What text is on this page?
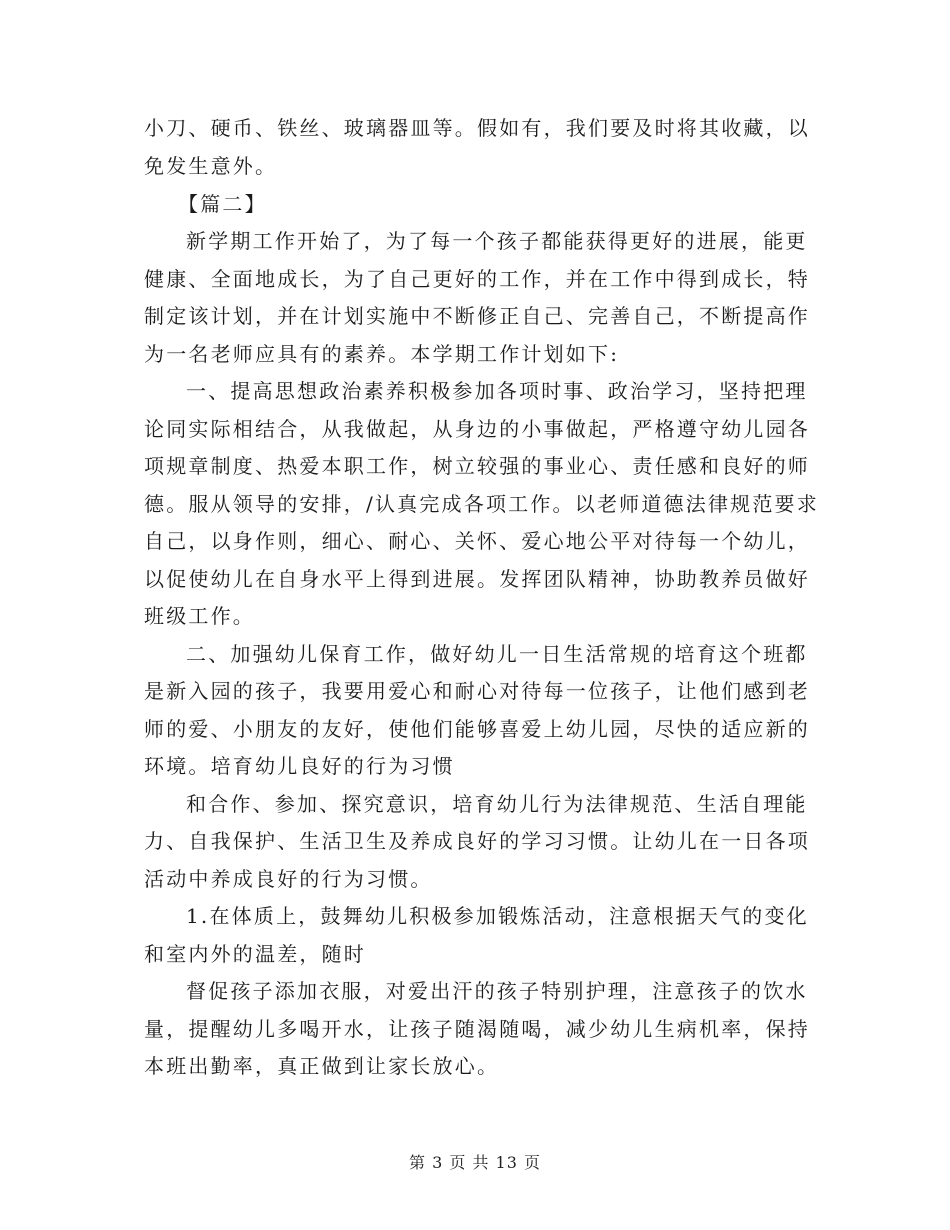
小刀、硬币、铁丝、玻璃器皿等。假如有，我们要及时将其收藏，以
免发生意外。
【篇二】
新学期工作开始了，为了每一个孩子都能获得更好的进展，能更
健康、全面地成长，为了自己更好的工作，并在工作中得到成长，特
制定该计划，并在计划实施中不断修正自己、完善自己，不断提高作
为一名老师应具有的素养。本学期工作计划如下:
一、提高思想政治素养积极参加各项时事、政治学习，坚持把理
论同实际相结合，从我做起，从身边的小事做起，严格遵守幼儿园各
项规章制度、热爱本职工作，树立较强的事业心、责任感和良好的师
德。服从领导的安排，/认真完成各项工作。以老师道德法律规范要求
自己，以身作则，细心、耐心、关怀、爱心地公平对待每一个幼儿，
以促使幼儿在自身水平上得到进展。发挥团队精神，协助教养员做好
班级工作。
二、加强幼儿保育工作，做好幼儿一日生活常规的培育这个班都
是新入园的孩子，我要用爱心和耐心对待每一位孩子，让他们感到老
师的爱、小朋友的友好，使他们能够喜爱上幼儿园，尽快的适应新的
环境。培育幼儿良好的行为习惯
和合作、参加、探究意识，培育幼儿行为法律规范、生活自理能
力、自我保护、生活卫生及养成良好的学习习惯。让幼儿在一日各项
活动中养成良好的行为习惯。
1.在体质上，鼓舞幼儿积极参加锻炼活动，注意根据天气的变化
和室内外的温差，随时
督促孩子添加衣服，对爱出汗的孩子特别护理，注意孩子的饮水
量，提醒幼儿多喝开水，让孩子随渴随喝，减少幼儿生病机率，保持
本班出勤率，真正做到让家长放心。
第 3 页 共 13 页
